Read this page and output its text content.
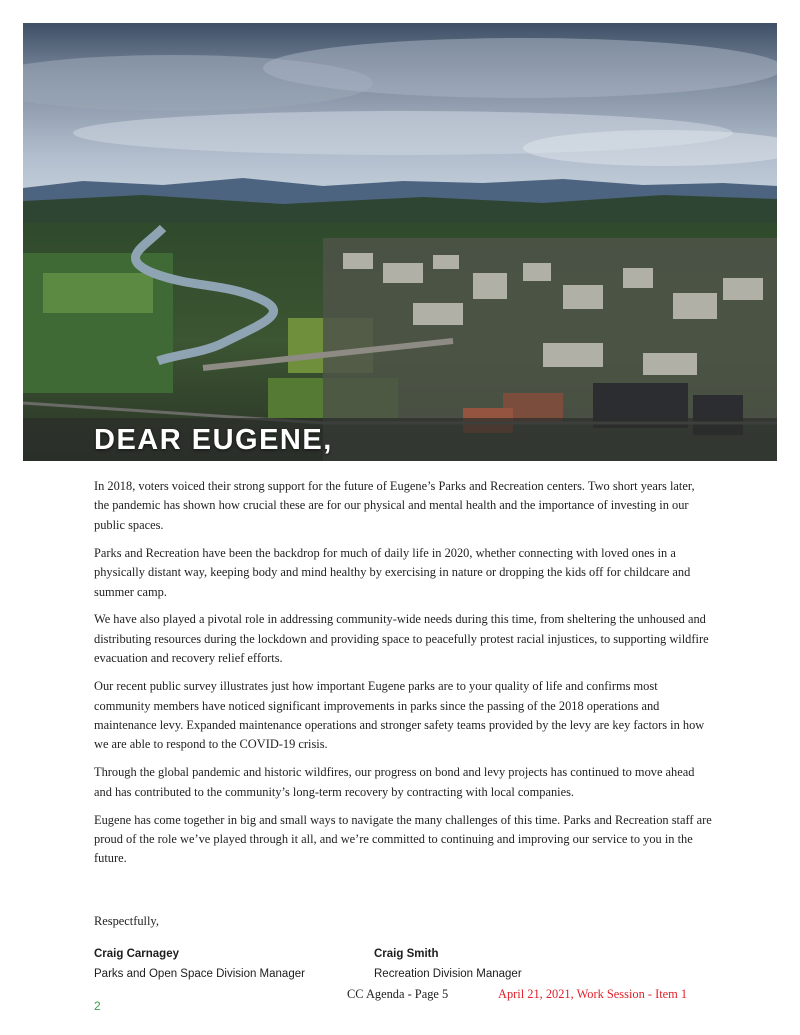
DEAR EUGENE,

In 2018, voters voiced their strong support for the future of Eugene’s Parks and Recreation centers. Two short years later, the pandemic has shown how crucial these are for our physical and mental health and the importance of investing in our public spaces.

Parks and Recreation have been the backdrop for much of daily life in 2020, whether connecting with loved ones in a physically distant way, keeping body and mind healthy by exercising in nature or dropping the kids off for childcare and summer camp.

We have also played a pivotal role in addressing community-wide needs during this time, from sheltering the unhoused and distributing resources during the lockdown and providing space to peacefully protest racial injustices, to supporting wildfire evacuation and recovery relief efforts.

Our recent public survey illustrates just how important Eugene parks are to your quality of life and confirms most community members have noticed significant improvements in parks since the passing of the 2018 operations and maintenance levy. Expanded maintenance operations and stronger safety teams provided by the levy are key factors in how we are able to respond to the COVID-19 crisis.

Through the global pandemic and historic wildfires, our progress on bond and levy projects has continued to move ahead and has contributed to the community’s long-term recovery by contracting with local companies.

Eugene has come together in big and small ways to navigate the many challenges of this time. Parks and Recreation staff are proud of the role we’ve played through it all, and we’re committed to continuing and improving our service to you in the future.

Respectfully,
Craig Carnagey
Parks and Open Space Division Manager
Craig Smith
Recreation Division Manager
2
CC Agenda - Page 5	April 21, 2021, Work Session - Item 1
